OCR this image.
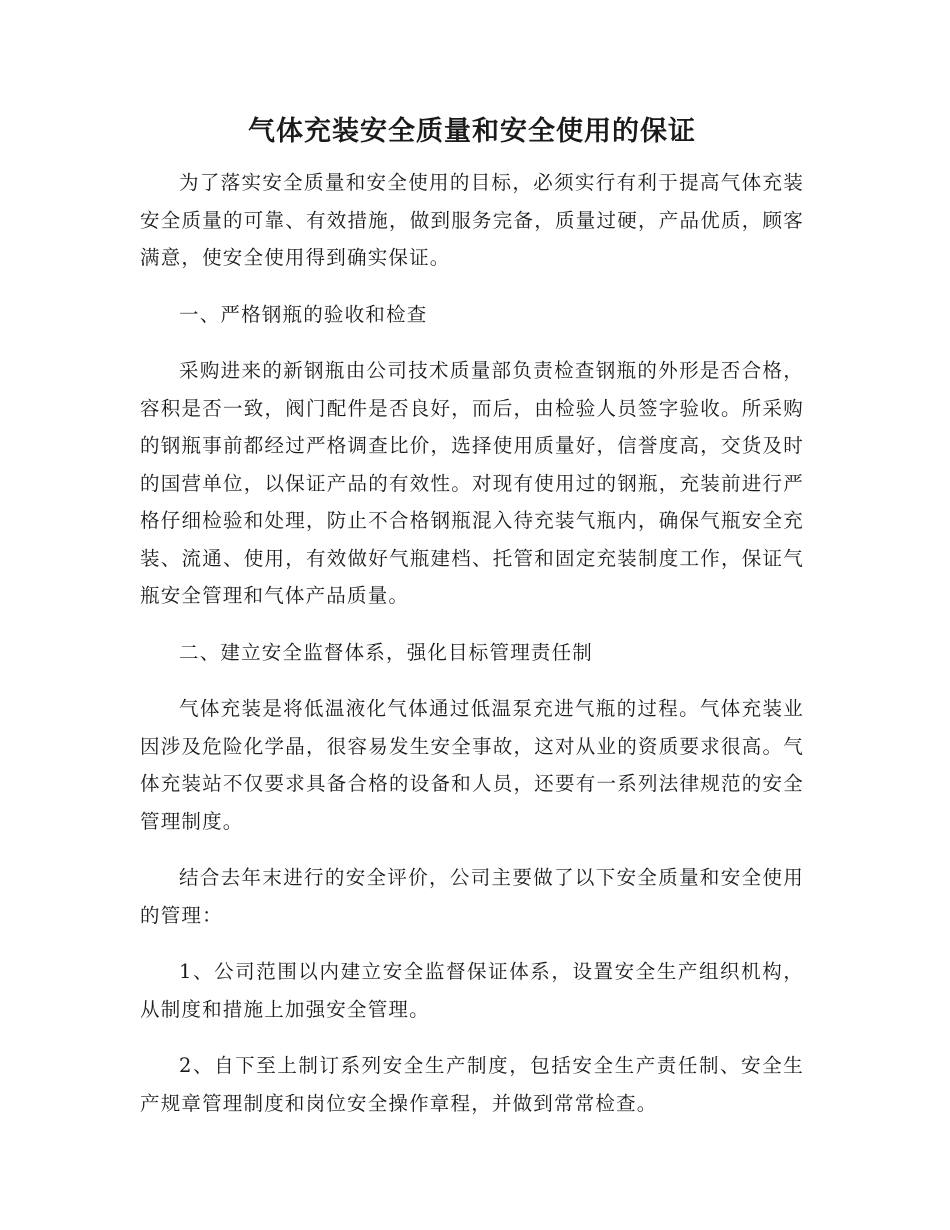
气体充装安全质量和安全使用的保证

为了落实安全质量和安全使用的目标，必须实行有利于提高气体充装安全质量的可靠、有效措施，做到服务完备，质量过硬，产品优质，顾客满意，使安全使用得到确实保证。

一、严格钢瓶的验收和检查

采购进来的新钢瓶由公司技术质量部负责检查钢瓶的外形是否合格，容积是否一致，阀门配件是否良好，而后，由检验人员签字验收。所采购的钢瓶事前都经过严格调查比价，选择使用质量好，信誉度高，交货及时的国营单位，以保证产品的有效性。对现有使用过的钢瓶，充装前进行严格仔细检验和处理，防止不合格钢瓶混入待充装气瓶内，确保气瓶安全充装、流通、使用，有效做好气瓶建档、托管和固定充装制度工作，保证气瓶安全管理和气体产品质量。

二、建立安全监督体系，强化目标管理责任制

气体充装是将低温液化气体通过低温泵充进气瓶的过程。气体充装业因涉及危险化学晶，很容易发生安全事故，这对从业的资质要求很高。气体充装站不仅要求具备合格的设备和人员，还要有一系列法律规范的安全管理制度。

结合去年末进行的安全评价，公司主要做了以下安全质量和安全使用的管理：

1、公司范围以内建立安全监督保证体系，设置安全生产组织机构，从制度和措施上加强安全管理。

2、自下至上制订系列安全生产制度，包括安全生产责任制、安全生产规章管理制度和岗位安全操作章程，并做到常常检查。
